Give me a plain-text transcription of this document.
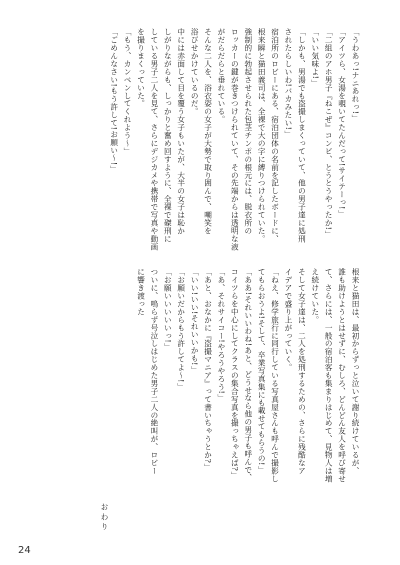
「うわあっ!ナニあれっ!」

「アイツら、女湯を覗いてたんだって!サイテーっ!」

「二組のアホ男子『ねこぜ』コンビ、とうとうやったか!」

「いい気味よ!」

「しかも、男湯でも盗撮しまくっていて、他の男子達に処刑

されたらしいわ!バカみたい!」

宿泊所のロビーにある、宿泊団体の名前を記したボードに、

根来瞬と猫田義司は、全裸で大の字に縛りつけられていた。

強制的に勃起させられた包茎チンポの根元には、脱衣所の

ロッカーの鍵が巻きつけられていて、その先端からは透明な液

がだらだらと垂れている。

そんな二人を、浴衣姿の女子が大勢で取り囲んで、嘲笑を

浴びせかけているのだ。

中には赤面して目を覆う女子もいたが、大半の女子は恥か

しがりながらも、しっかりと奮め回すように、全裸で磔刑に

している男子二人を見て、さらにデジカメや携帯で写真や動画

を撮りまくっていた。

「もう、カンベンしてくれよう〜」

「ごめんなさい!もう許して!お願い〜!」

根来と猫田は、最初からずっと泣いて謝り続けているが、

誰も助けようとはせずに、むしろ、どんどん友人を呼び寄せ

て、さらには、一般の宿泊客も集まりはじめて、見物人は増

え続けていた。

そして女子達は、二人を処刑するための、さらに残酷なア

イデアで盛り上がっていく。

「ねえ、修学旅行に同行している写真屋さんも呼んで撮影し

てもらおうよ!そして、卒業写真集にも載せてもらうの!」

「ああ!それいいわね!あと、どうせなら他の男子も呼んで、

コイツらを中心にしてクラスの集合写真を撮っちゃえば?」

「あ、それサイコー!やろうやろう!」

「あと、おなかに『盗撮マニア』って書いちゃうとか?」

「いい!いい!それいいかも!」

「お願いだからもう許してよ〜!」

「お願いいいいいっ!」

ついに、嗚らず号泣しはじめた男子二人の絶叫が、ロビー

に響き渡った

おわり
24
